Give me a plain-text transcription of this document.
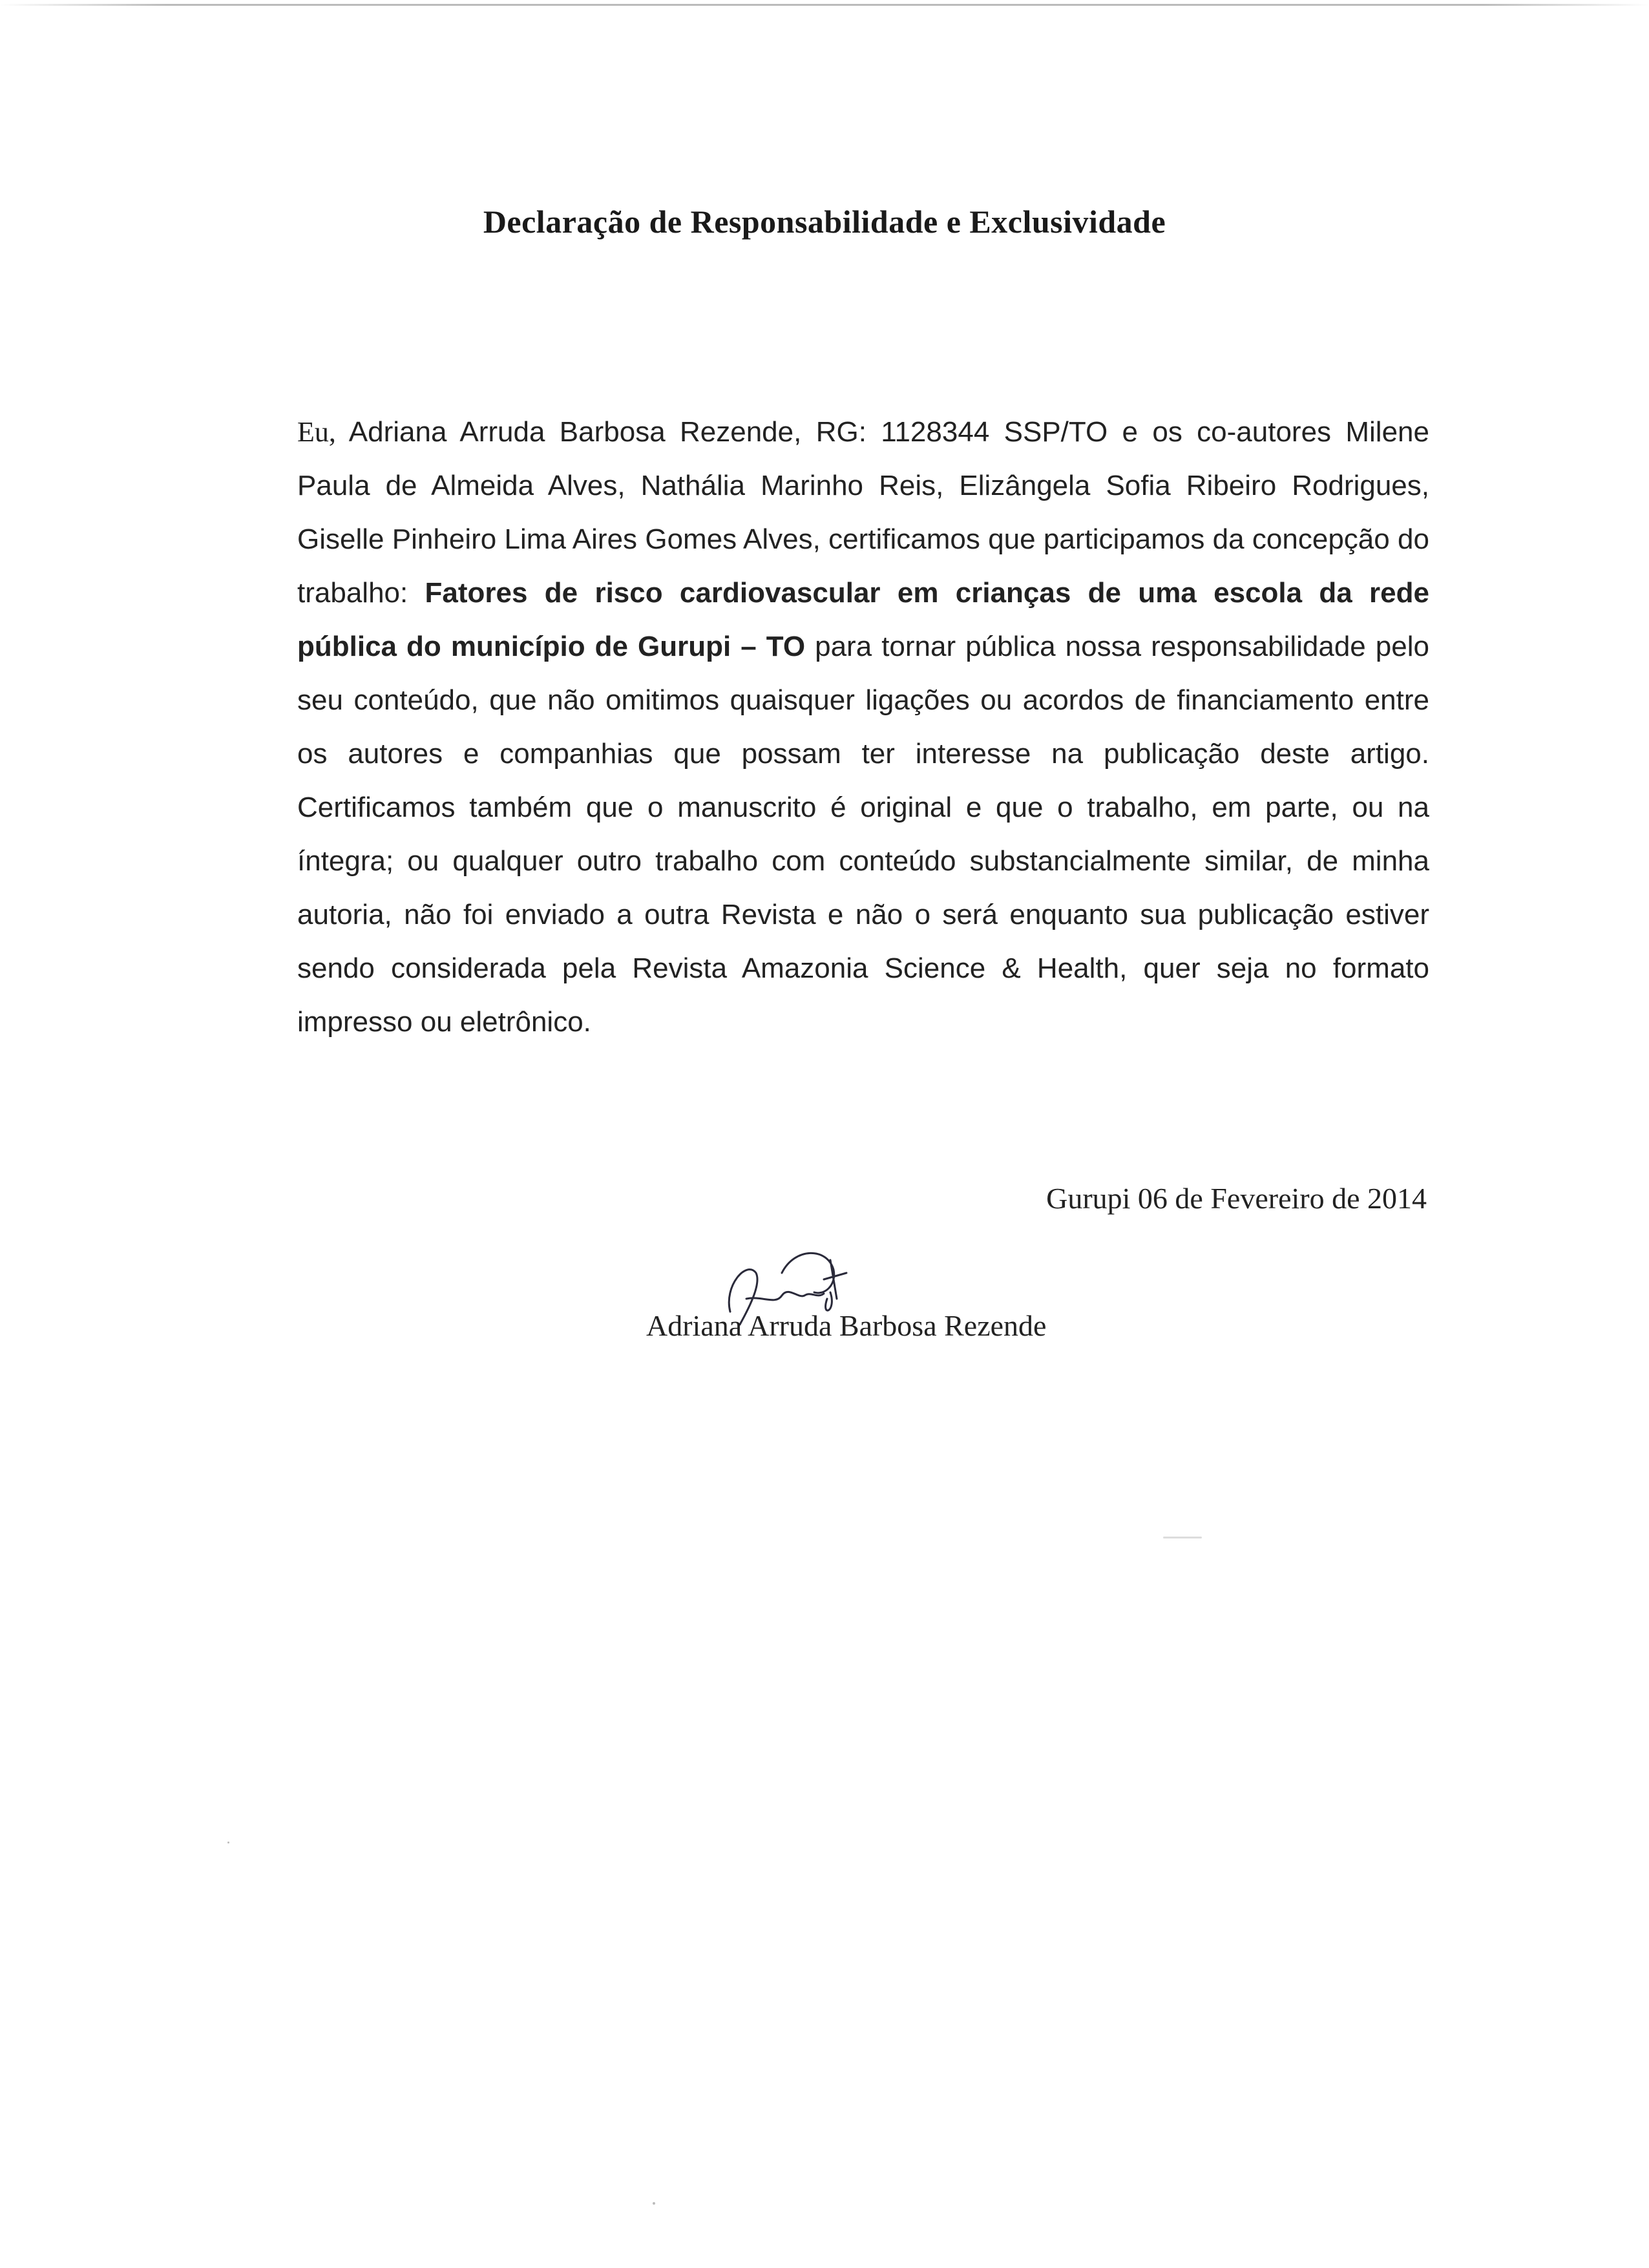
Declaração de Responsabilidade e Exclusividade

Eu, Adriana Arruda Barbosa Rezende, RG: 1128344 SSP/TO e os co-autores Milene Paula de Almeida Alves, Nathália Marinho Reis, Elizângela Sofia Ribeiro Rodrigues, Giselle Pinheiro Lima Aires Gomes Alves, certificamos que participamos da concepção do trabalho: Fatores de risco cardiovascular em crianças de uma escola da rede pública do município de Gurupi – TO para tornar pública nossa responsabilidade pelo seu conteúdo, que não omitimos quaisquer ligações ou acordos de financiamento entre os autores e companhias que possam ter interesse na publicação deste artigo. Certificamos também que o manuscrito é original e que o trabalho, em parte, ou na íntegra; ou qualquer outro trabalho com conteúdo substancialmente similar, de minha autoria, não foi enviado a outra Revista e não o será enquanto sua publicação estiver sendo considerada pela Revista Amazonia Science & Health, quer seja no formato impresso ou eletrônico.

Gurupi 06 de Fevereiro de 2014
Adriana Arruda Barbosa Rezende
